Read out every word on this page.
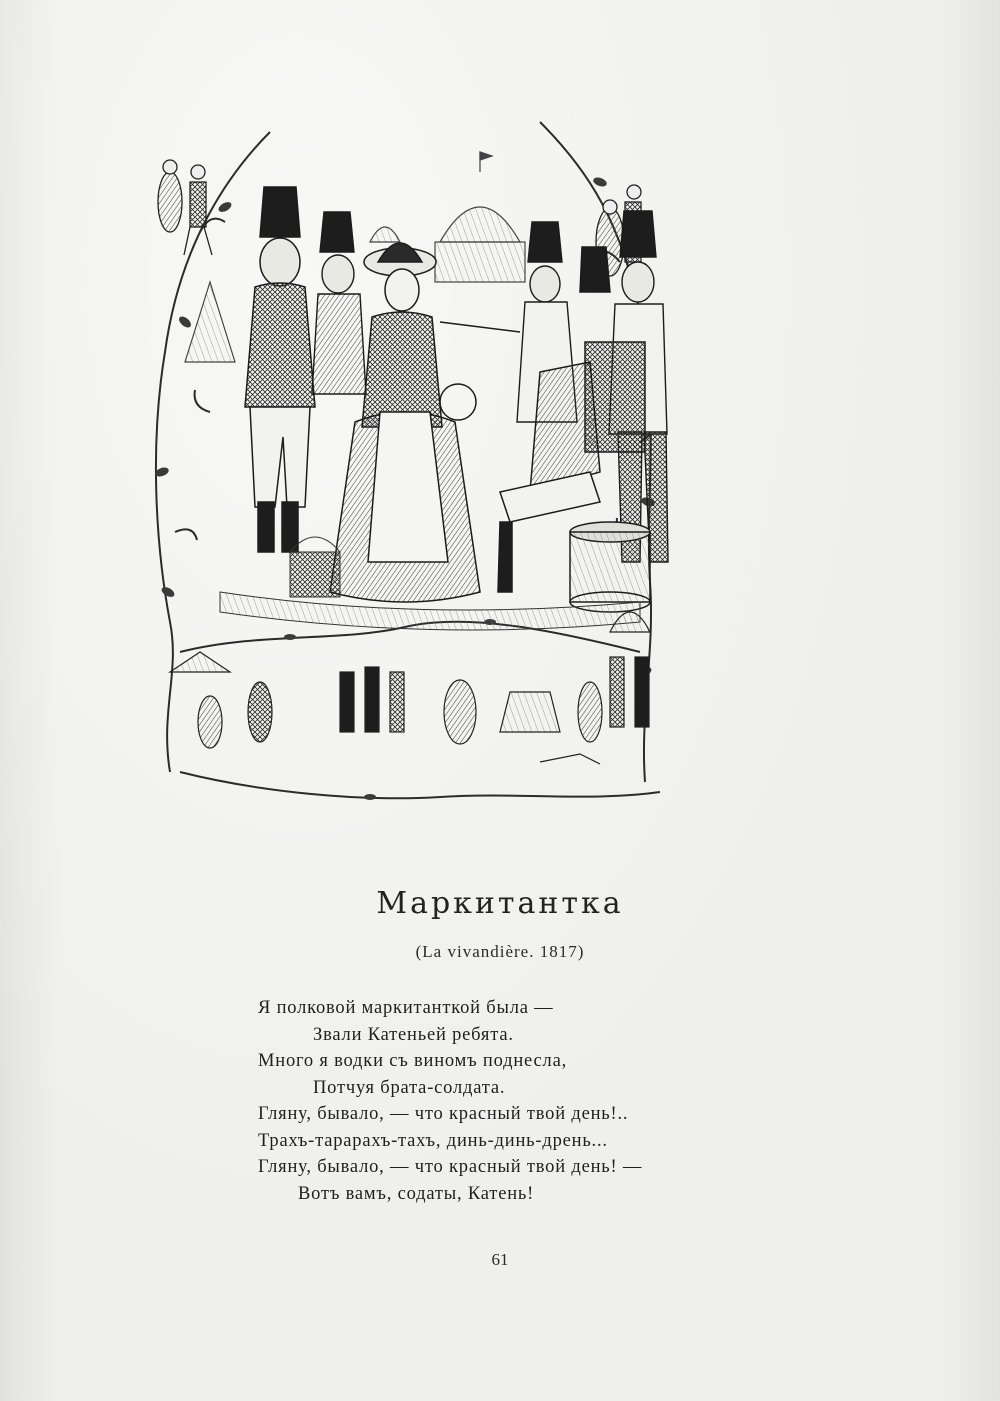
Маркитантка
(La vivandière. 1817)
Я полковой маркитанткой была —
Звали Катеньей ребята.
Много я водки съ виномъ поднесла,
Потчуя брата-солдата.
Гляну, бывало, — что красный твой день!..
Трахъ-тарарахъ-тахъ, динь-динь-дрень...
Гляну, бывало, — что красный твой день! —
Вотъ вамъ, содаты, Катень!
61
